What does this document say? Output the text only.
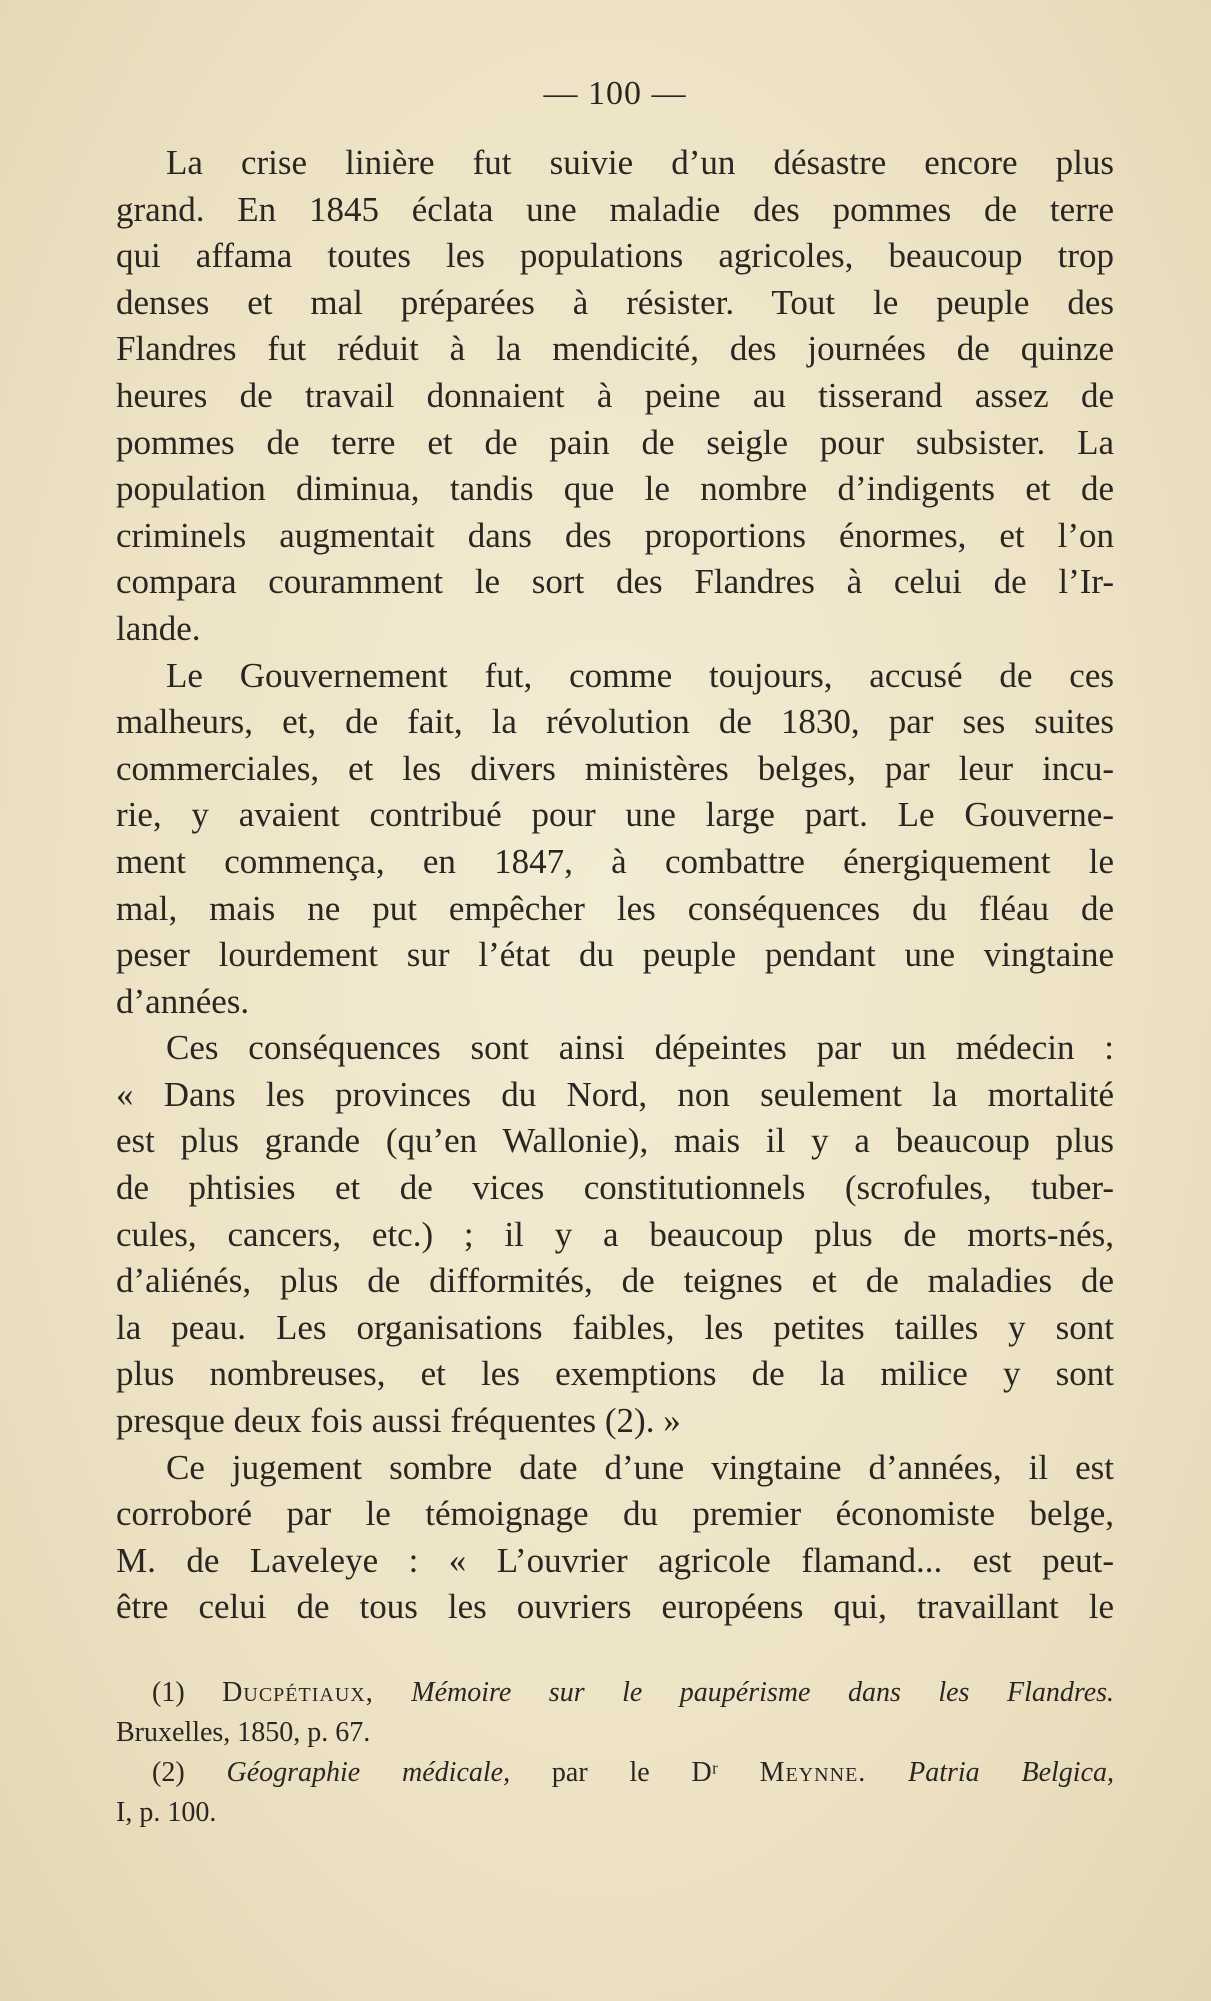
— 100 —
La crise linière fut suivie d’un désastre encore plus
grand. En 1845 éclata une maladie des pommes de terre
qui affama toutes les populations agricoles, beaucoup trop
denses et mal préparées à résister. Tout le peuple des
Flandres fut réduit à la mendicité, des journées de quinze
heures de travail donnaient à peine au tisserand assez de
pommes de terre et de pain de seigle pour subsister. La
population diminua, tandis que le nombre d’indigents et de
criminels augmentait dans des proportions énormes, et l’on
compara couramment le sort des Flandres à celui de l’Ir-
lande.
Le Gouvernement fut, comme toujours, accusé de ces
malheurs, et, de fait, la révolution de 1830, par ses suites
commerciales, et les divers ministères belges, par leur incu-
rie, y avaient contribué pour une large part. Le Gouverne-
ment commença, en 1847, à combattre énergiquement le
mal, mais ne put empêcher les conséquences du fléau de
peser lourdement sur l’état du peuple pendant une vingtaine
d’années.
Ces conséquences sont ainsi dépeintes par un médecin :
« Dans les provinces du Nord, non seulement la mortalité
est plus grande (qu’en Wallonie), mais il y a beaucoup plus
de phtisies et de vices constitutionnels (scrofules, tuber-
cules, cancers, etc.) ; il y a beaucoup plus de morts-nés,
d’aliénés, plus de difformités, de teignes et de maladies de
la peau. Les organisations faibles, les petites tailles y sont
plus nombreuses, et les exemptions de la milice y sont
presque deux fois aussi fréquentes (2). »
Ce jugement sombre date d’une vingtaine d’années, il est
corroboré par le témoignage du premier économiste belge,
M. de Laveleye : « L’ouvrier agricole flamand... est peut-
être celui de tous les ouvriers européens qui, travaillant le
(1) Ducpétiaux, Mémoire sur le paupérisme dans les Flandres.
Bruxelles, 1850, p. 67.
(2) Géographie médicale, par le Dʳ Meynne. Patria Belgica,
I, p. 100.
